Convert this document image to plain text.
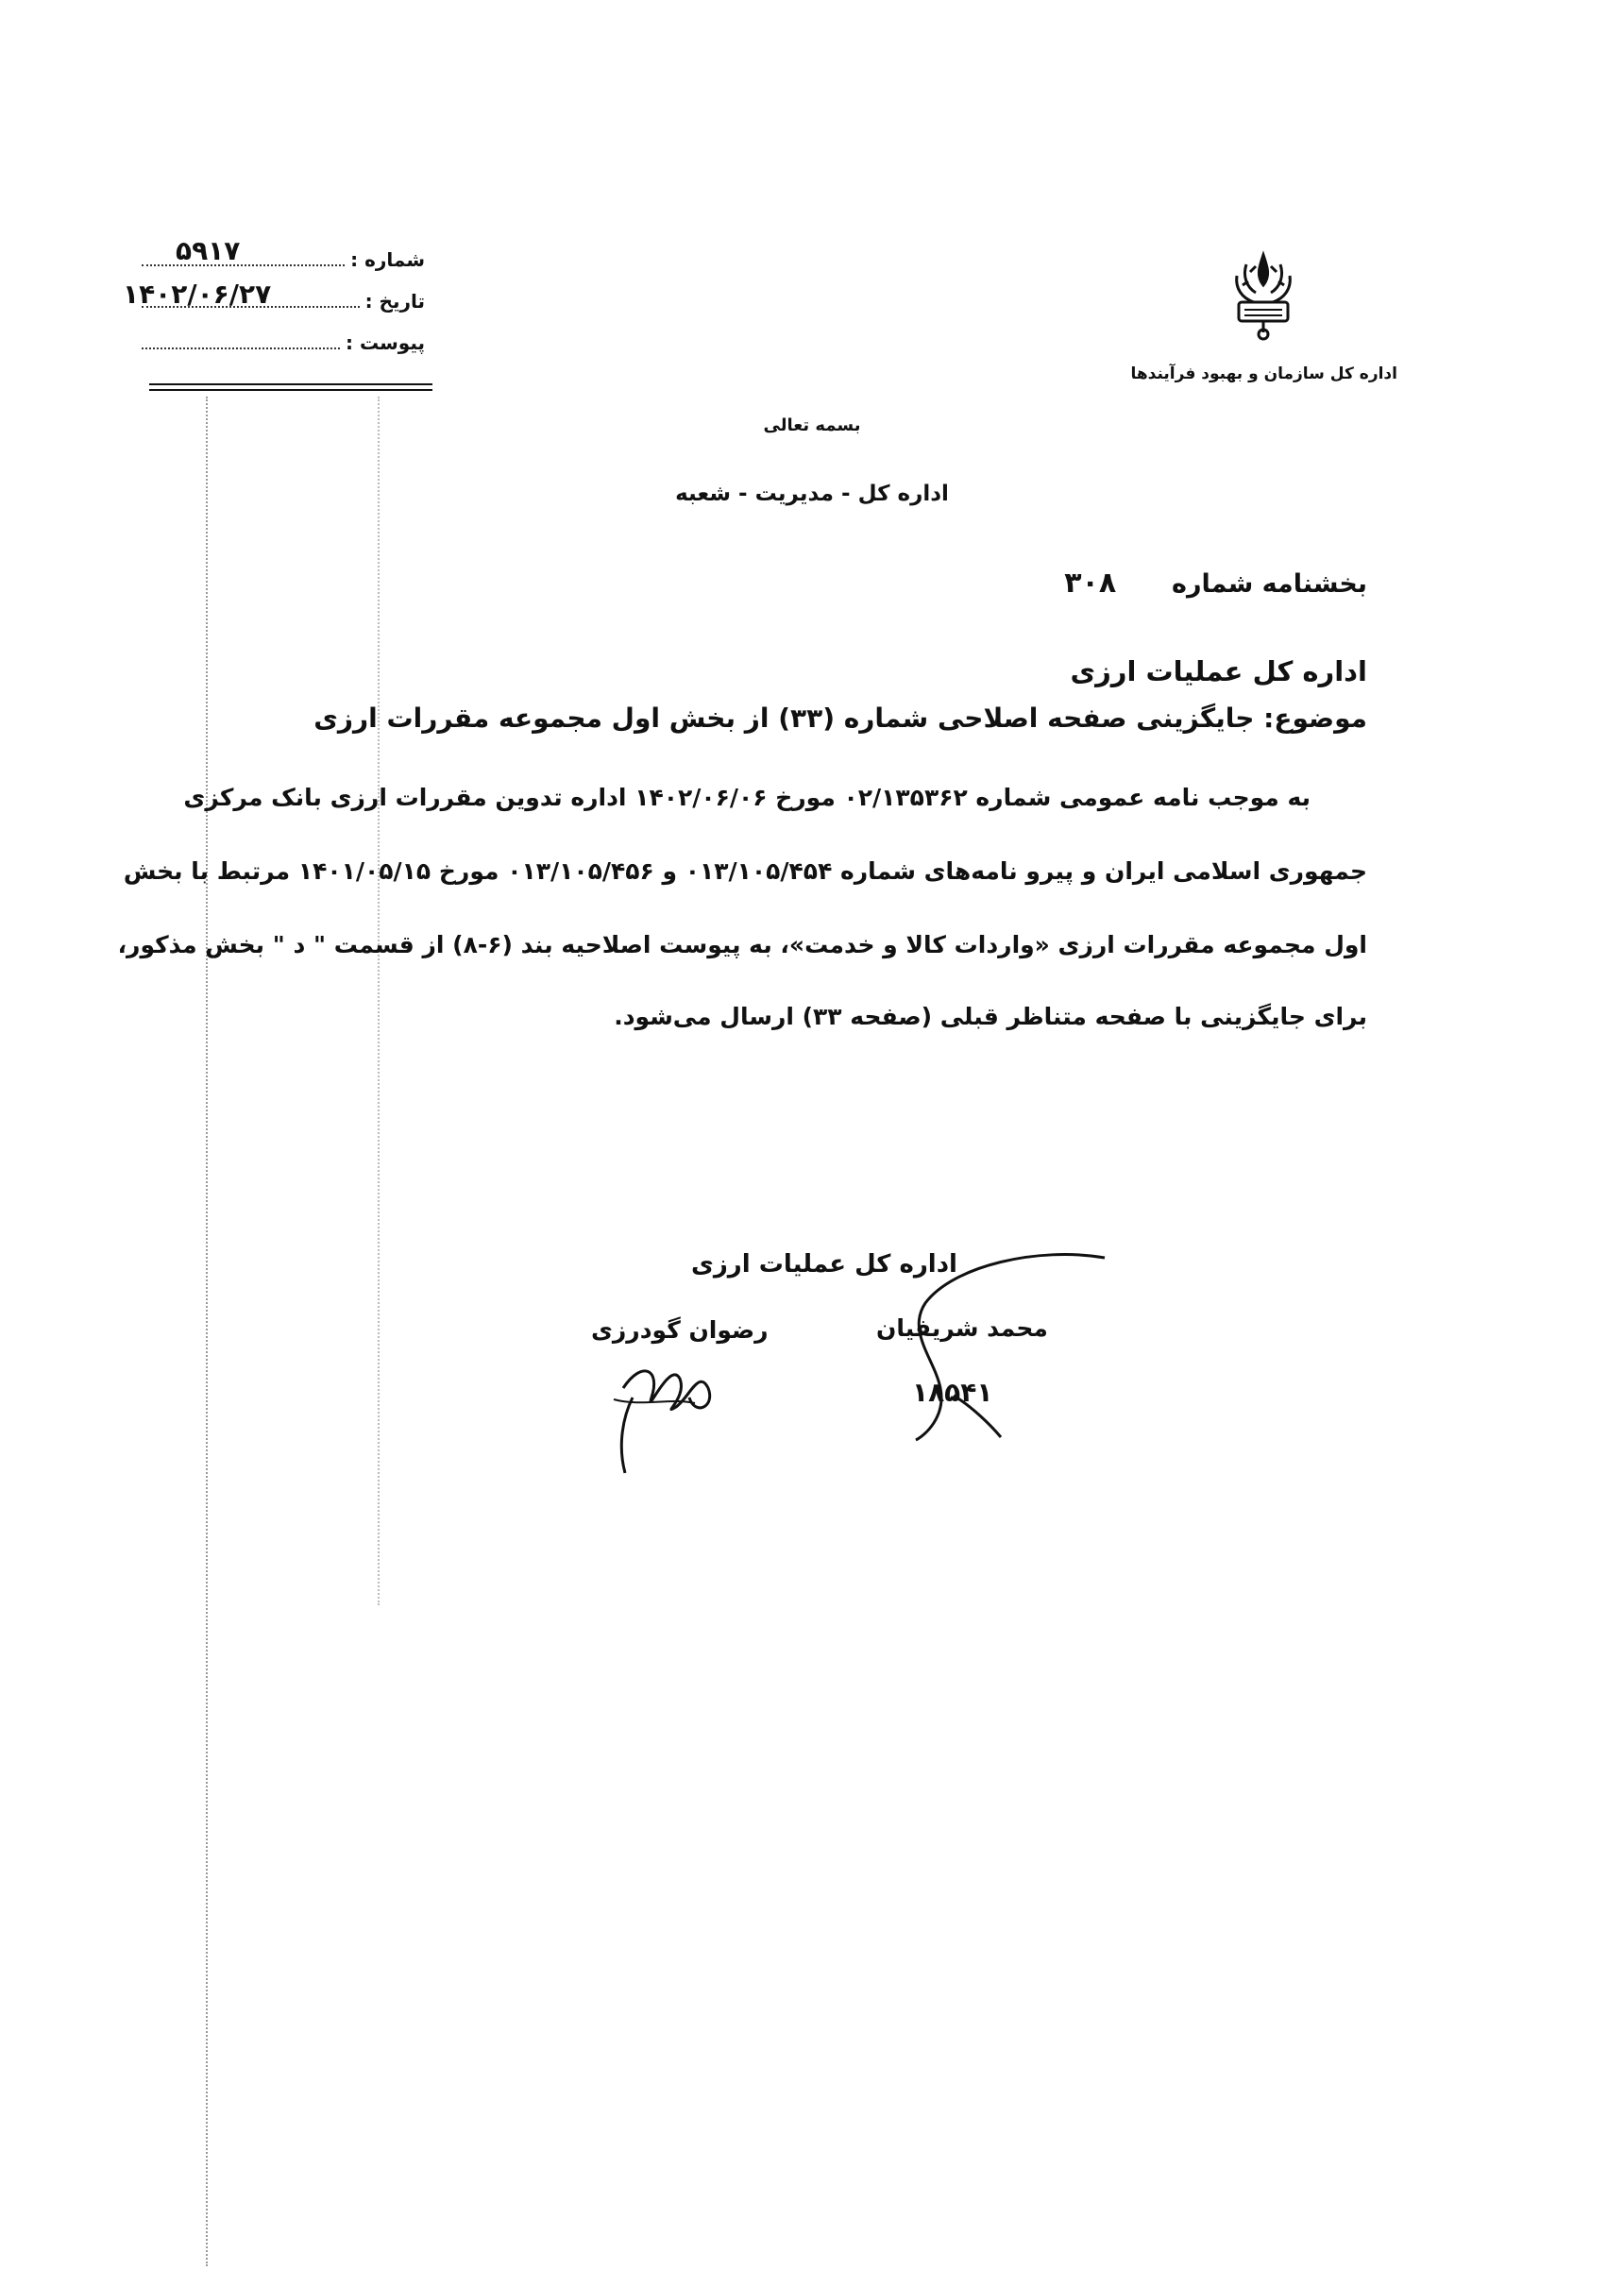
اداره کل سازمان و بهبود فرآیندها
شماره :
۵۹۱۷
تاریخ :
۱۴۰۲/۰۶/۲۷
پیوست :
بسمه تعالی
اداره کل - مدیریت - شعبه
بخشنامه شماره  ۳۰۸
اداره کل عملیات ارزی
موضوع: جایگزینی صفحه اصلاحی شماره (۳۳) از بخش اول مجموعه مقررات ارزی
به موجب نامه عمومی شماره ۰۲/۱۳۵۳۶۲ مورخ ۱۴۰۲/۰۶/۰۶ اداره تدوین مقررات ارزی بانک مرکزی
جمهوری اسلامی ایران و پیرو نامه‌های شماره ۰۱۳/۱۰۵/۴۵۴ و ۰۱۳/۱۰۵/۴۵۶ مورخ ۱۴۰۱/۰۵/۱۵ مرتبط با بخش
اول مجموعه مقررات ارزی «واردات کالا و خدمت»، به پیوست اصلاحیه بند (۶-۸) از قسمت " د " بخش مذکور،
برای جایگزینی با صفحه متناظر قبلی (صفحه ۳۳) ارسال می‌شود.
اداره کل عملیات ارزی
محمد شریفیان
رضوان گودرزی
۱۸۵۴۱
